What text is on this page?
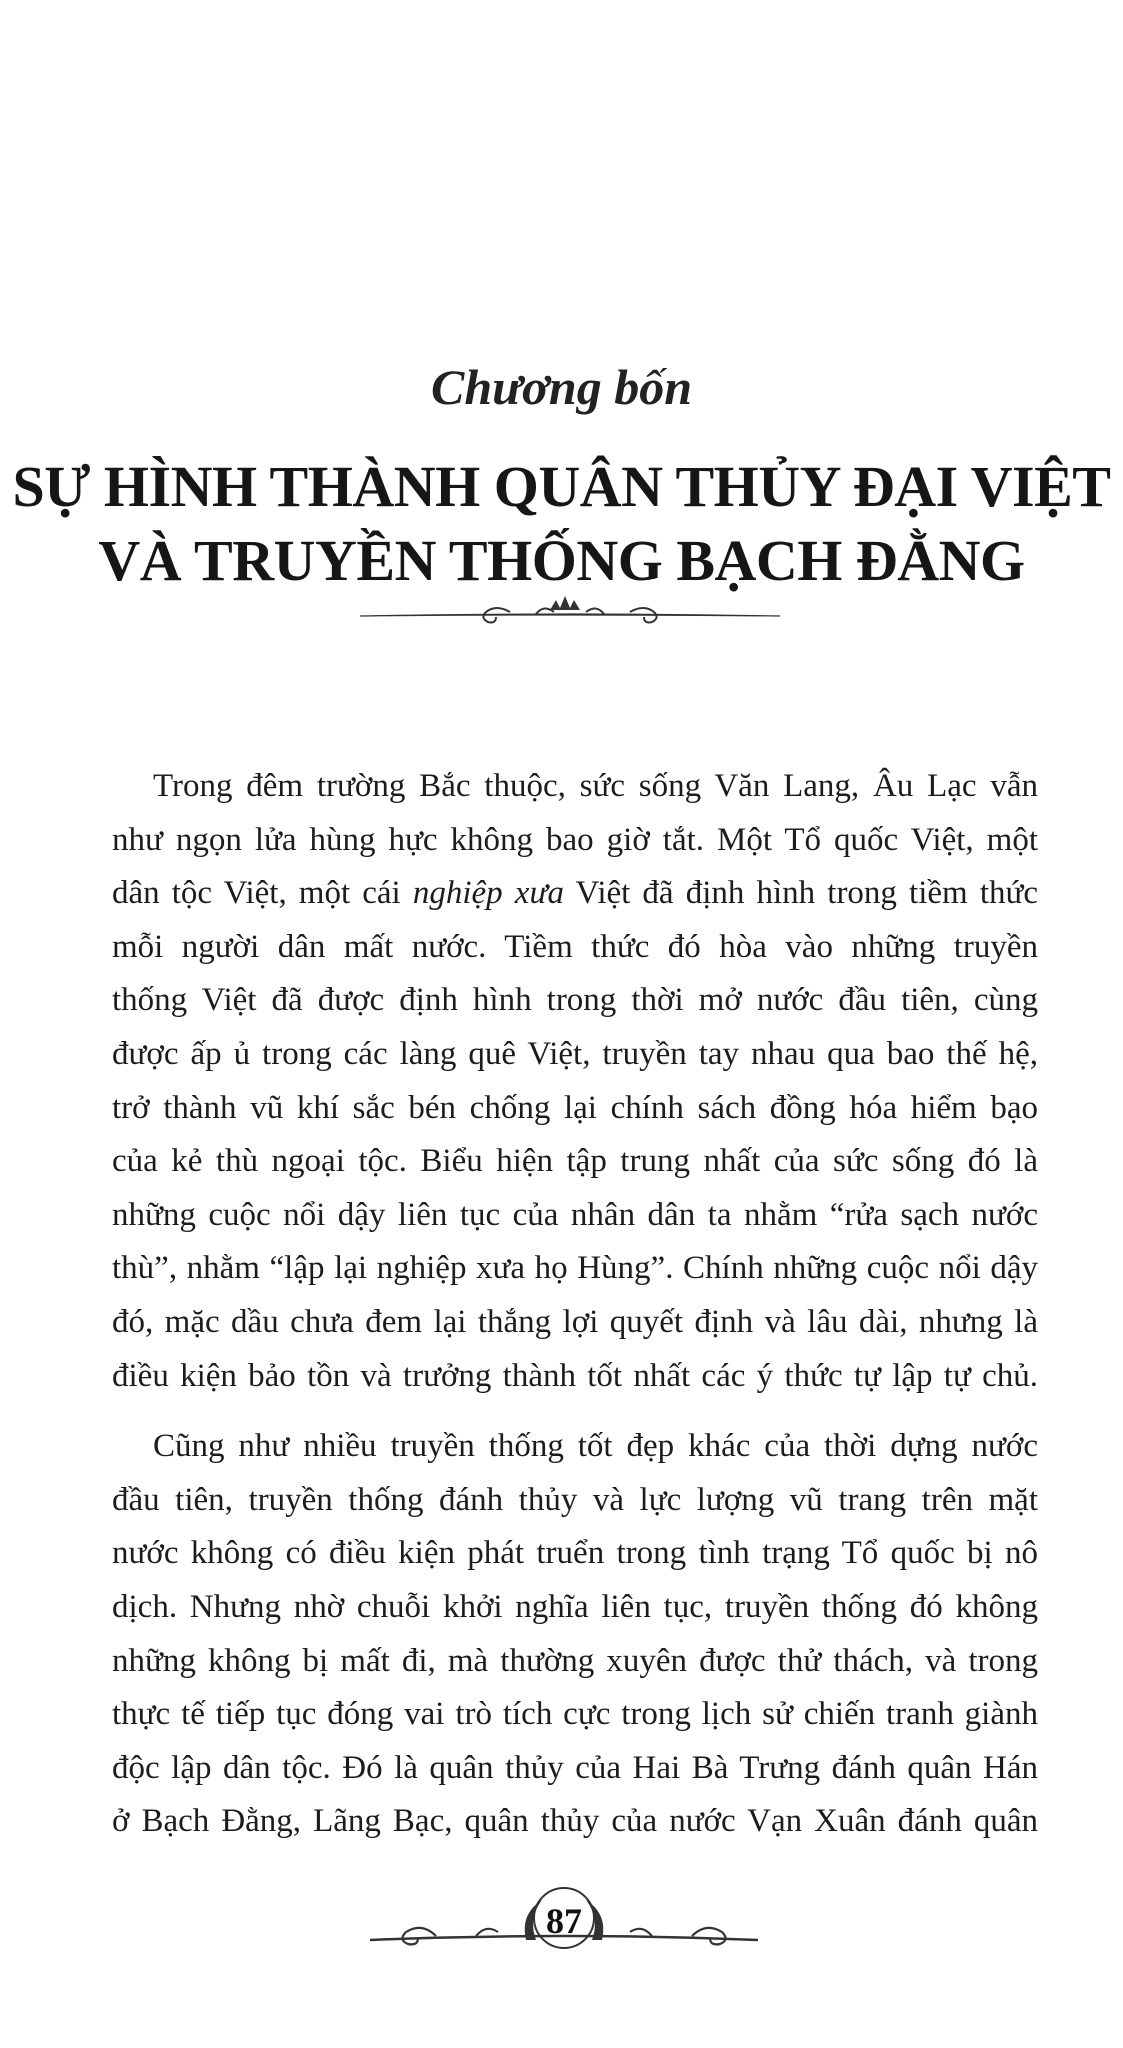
Chương bốn
SỰ HÌNH THÀNH QUÂN THỦY ĐẠI VIỆT
VÀ TRUYỀN THỐNG BẠCH ĐẰNG
Trong đêm trường Bắc thuộc, sức sống Văn Lang, Âu Lạc vẫn
như ngọn lửa hùng hực không bao giờ tắt. Một Tổ quốc Việt, một
dân tộc Việt, một cái nghiệp xưa Việt đã định hình trong tiềm thức
mỗi người dân mất nước. Tiềm thức đó hòa vào những truyền
thống Việt đã được định hình trong thời mở nước đầu tiên, cùng
được ấp ủ trong các làng quê Việt, truyền tay nhau qua bao thế hệ,
trở thành vũ khí sắc bén chống lại chính sách đồng hóa hiểm bạo
của kẻ thù ngoại tộc. Biểu hiện tập trung nhất của sức sống đó là
những cuộc nổi dậy liên tục của nhân dân ta nhằm “rửa sạch nước
thù”, nhằm “lập lại nghiệp xưa họ Hùng”. Chính những cuộc nổi dậy
đó, mặc dầu chưa đem lại thắng lợi quyết định và lâu dài, nhưng là
điều kiện bảo tồn và trưởng thành tốt nhất các ý thức tự lập tự chủ.
Cũng như nhiều truyền thống tốt đẹp khác của thời dựng nước
đầu tiên, truyền thống đánh thủy và lực lượng vũ trang trên mặt
nước không có điều kiện phát truển trong tình trạng Tổ quốc bị nô
dịch. Nhưng nhờ chuỗi khởi nghĩa liên tục, truyền thống đó không
những không bị mất đi, mà thường xuyên được thử thách, và trong
thực tế tiếp tục đóng vai trò tích cực trong lịch sử chiến tranh giành
độc lập dân tộc. Đó là quân thủy của Hai Bà Trưng đánh quân Hán
ở Bạch Đằng, Lãng Bạc, quân thủy của nước Vạn Xuân đánh quân
87
